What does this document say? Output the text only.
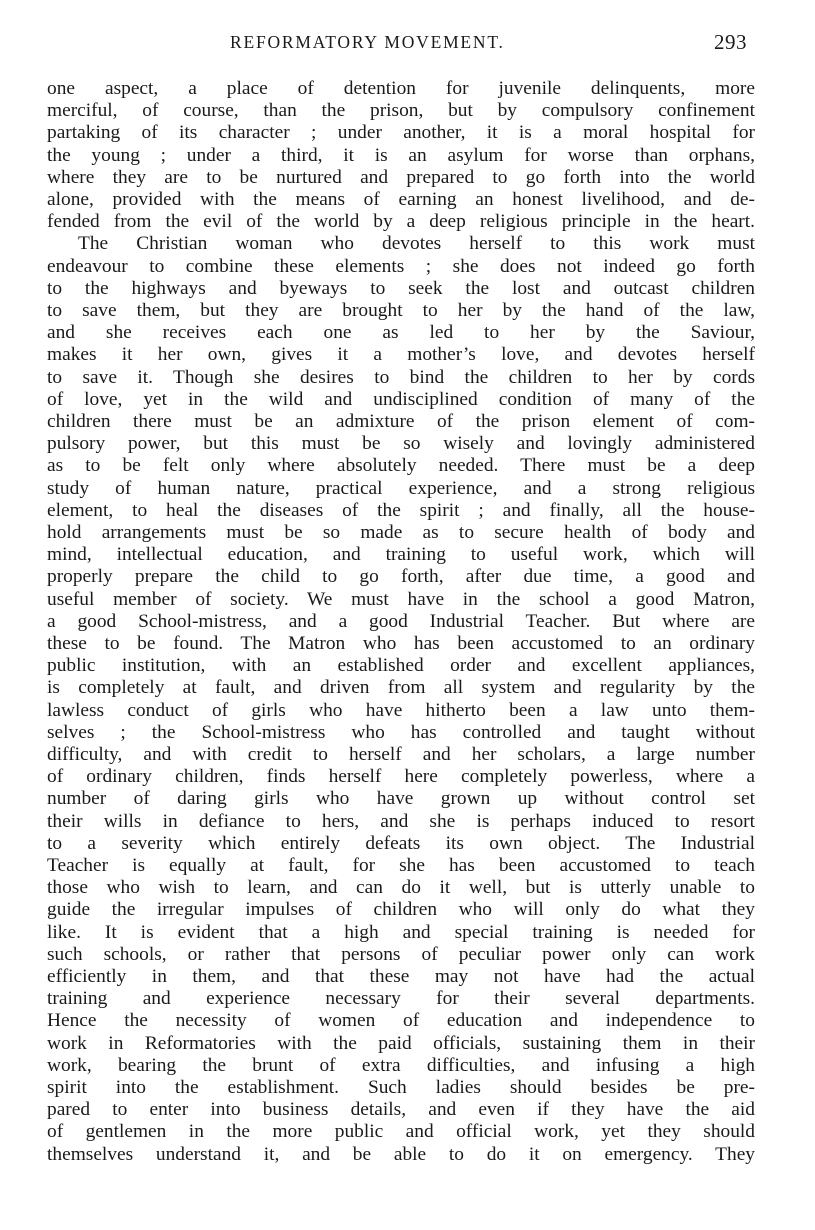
REFORMATORY MOVEMENT.	293
one aspect, a place of detention for juvenile delinquents, more
merciful, of course, than the prison, but by compulsory confinement
partaking of its character ; under another, it is a moral hospital for
the young ; under a third, it is an asylum for worse than orphans,
where they are to be nurtured and prepared to go forth into the world
alone, provided with the means of earning an honest livelihood, and de-
fended from the evil of the world by a deep religious principle in the heart.
The Christian woman who devotes herself to this work must
endeavour to combine these elements ; she does not indeed go forth
to the highways and byeways to seek the lost and outcast children
to save them, but they are brought to her by the hand of the law,
and she receives each one as led to her by the Saviour,
makes it her own, gives it a mother’s love, and devotes herself
to save it. Though she desires to bind the children to her by cords
of love, yet in the wild and undisciplined condition of many of the
children there must be an admixture of the prison element of com-
pulsory power, but this must be so wisely and lovingly administered
as to be felt only where absolutely needed. There must be a deep
study of human nature, practical experience, and a strong religious
element, to heal the diseases of the spirit ; and finally, all the house-
hold arrangements must be so made as to secure health of body and
mind, intellectual education, and training to useful work, which will
properly prepare the child to go forth, after due time, a good and
useful member of society. We must have in the school a good Matron,
a good School-mistress, and a good Industrial Teacher. But where are
these to be found. The Matron who has been accustomed to an ordinary
public institution, with an established order and excellent appliances,
is completely at fault, and driven from all system and regularity by the
lawless conduct of girls who have hitherto been a law unto them-
selves ; the School-mistress who has controlled and taught without
difficulty, and with credit to herself and her scholars, a large number
of ordinary children, finds herself here completely powerless, where a
number of daring girls who have grown up without control set
their wills in defiance to hers, and she is perhaps induced to resort
to a severity which entirely defeats its own object. The Industrial
Teacher is equally at fault, for she has been accustomed to teach
those who wish to learn, and can do it well, but is utterly unable to
guide the irregular impulses of children who will only do what they
like. It is evident that a high and special training is needed for
such schools, or rather that persons of peculiar power only can work
efficiently in them, and that these may not have had the actual
training and experience necessary for their several departments.
Hence the necessity of women of education and independence to
work in Reformatories with the paid officials, sustaining them in their
work, bearing the brunt of extra difficulties, and infusing a high
spirit into the establishment. Such ladies should besides be pre-
pared to enter into business details, and even if they have the aid
of gentlemen in the more public and official work, yet they should
themselves understand it, and be able to do it on emergency. They
